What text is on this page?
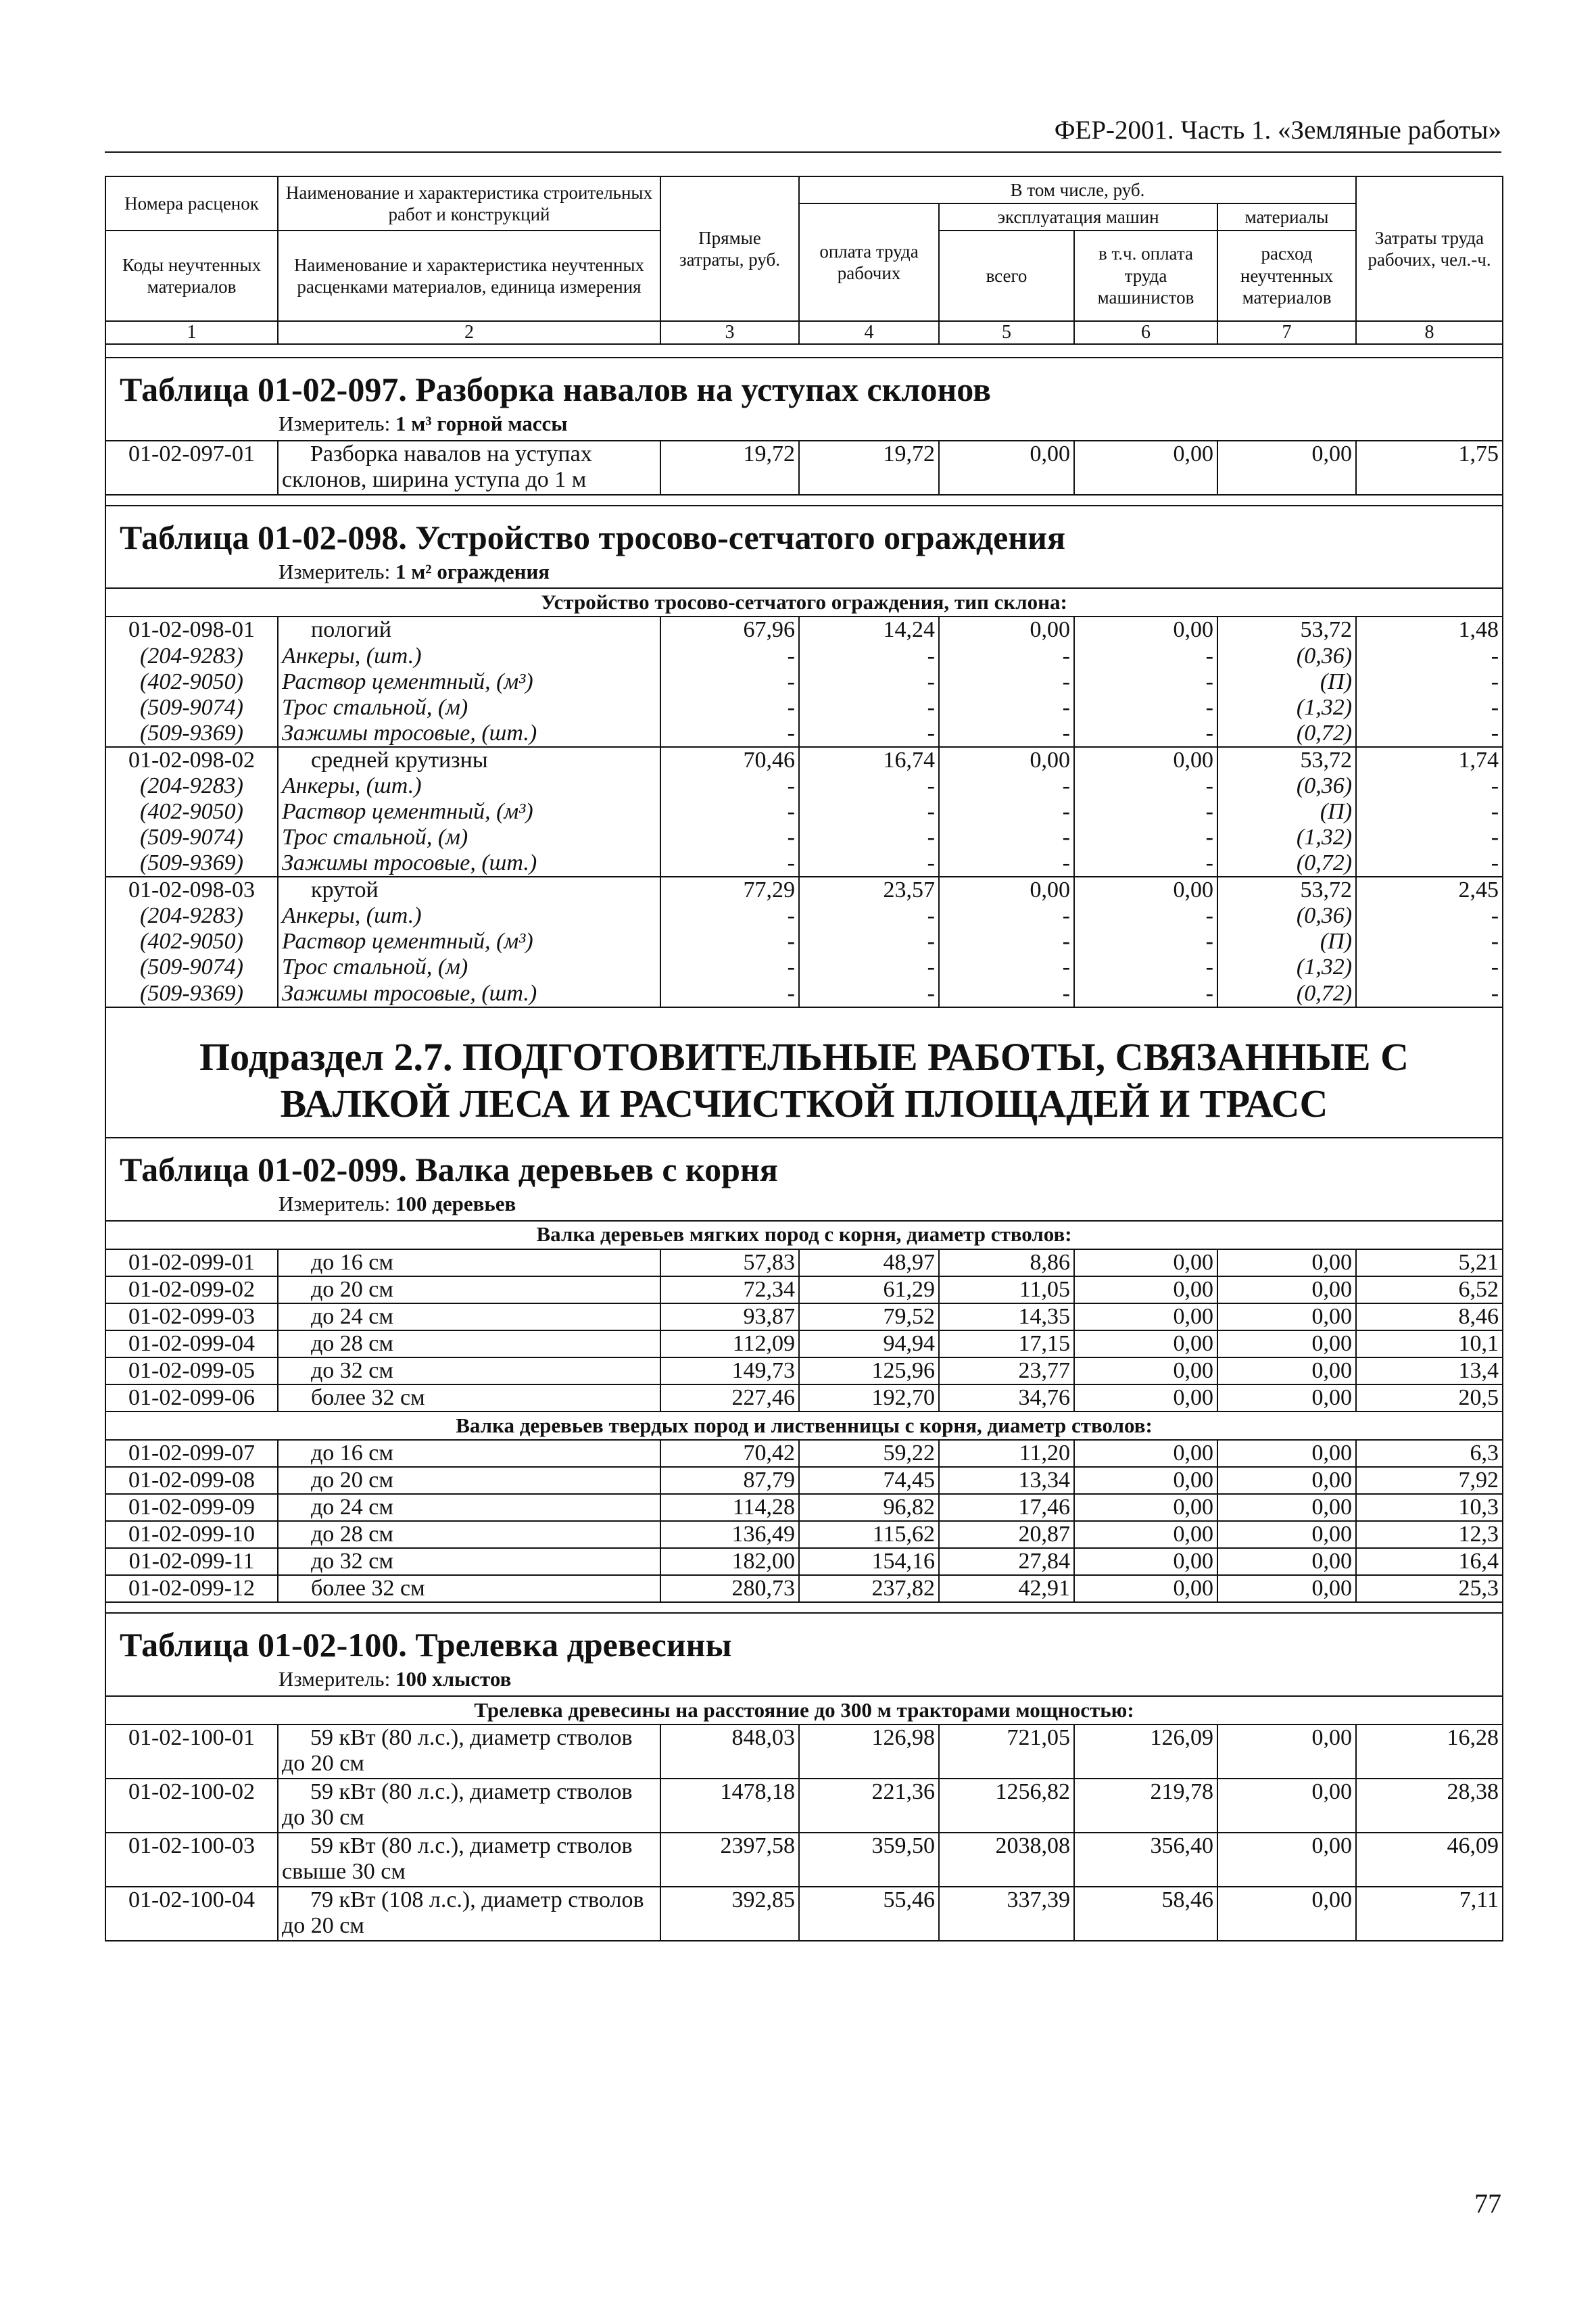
ФЕР-2001. Часть 1. «Земляные работы»
Номера расценок	Наименование и характеристика строительных работ и конструкций	Прямые затраты, руб.	В том числе, руб.				Затраты труда рабочих, чел.-ч.
			оплата труда рабочих	эксплуатация машин		материалы	
Коды неучтенных материалов	Наименование и характеристика неучтенных расценками материалов, единица измерения			всего	в т.ч. оплата труда машинистов	расход неучтенных материалов	
1	2	3	4	5	6	7	8

Таблица 01-02-097. Разборка навалов на уступах склонов							
Измеритель: 1 м³ горной массы							
01-02-097-01	Разборка навалов на уступах склонов, ширина уступа до 1 м	19,72	19,72	0,00	0,00	0,00	1,75

Таблица 01-02-098. Устройство тросово-сетчатого ограждения							
Измеритель: 1 м² ограждения							
Устройство тросово-сетчатого ограждения, тип склона:							
01-02-098-01	пологий	67,96	14,24	0,00	0,00	53,72	1,48
(204-9283)	Анкеры, (шт.)	-	-	-	-	(0,36)	-
(402-9050)	Раствор цементный, (м³)	-	-	-	-	(П)	-
(509-9074)	Трос стальной, (м)	-	-	-	-	(1,32)	-
(509-9369)	Зажимы тросовые, (шт.)	-	-	-	-	(0,72)	-
01-02-098-02	средней крутизны	70,46	16,74	0,00	0,00	53,72	1,74
(204-9283)	Анкеры, (шт.)	-	-	-	-	(0,36)	-
(402-9050)	Раствор цементный, (м³)	-	-	-	-	(П)	-
(509-9074)	Трос стальной, (м)	-	-	-	-	(1,32)	-
(509-9369)	Зажимы тросовые, (шт.)	-	-	-	-	(0,72)	-
01-02-098-03	крутой	77,29	23,57	0,00	0,00	53,72	2,45
(204-9283)	Анкеры, (шт.)	-	-	-	-	(0,36)	-
(402-9050)	Раствор цементный, (м³)	-	-	-	-	(П)	-
(509-9074)	Трос стальной, (м)	-	-	-	-	(1,32)	-
(509-9369)	Зажимы тросовые, (шт.)	-	-	-	-	(0,72)	-
Подраздел 2.7. ПОДГОТОВИТЕЛЬНЫЕ РАБОТЫ, СВЯЗАННЫЕ С ВАЛКОЙ ЛЕСА И РАСЧИСТКОЙ ПЛОЩАДЕЙ И ТРАСС							
Таблица 01-02-099. Валка деревьев с корня							
Измеритель: 100 деревьев							
Валка деревьев мягких пород с корня, диаметр стволов:							
01-02-099-01	до 16 см	57,83	48,97	8,86	0,00	0,00	5,21
01-02-099-02	до 20 см	72,34	61,29	11,05	0,00	0,00	6,52
01-02-099-03	до 24 см	93,87	79,52	14,35	0,00	0,00	8,46
01-02-099-04	до 28 см	112,09	94,94	17,15	0,00	0,00	10,1
01-02-099-05	до 32 см	149,73	125,96	23,77	0,00	0,00	13,4
01-02-099-06	более 32 см	227,46	192,70	34,76	0,00	0,00	20,5
Валка деревьев твердых пород и лиственницы с корня, диаметр стволов:							
01-02-099-07	до 16 см	70,42	59,22	11,20	0,00	0,00	6,3
01-02-099-08	до 20 см	87,79	74,45	13,34	0,00	0,00	7,92
01-02-099-09	до 24 см	114,28	96,82	17,46	0,00	0,00	10,3
01-02-099-10	до 28 см	136,49	115,62	20,87	0,00	0,00	12,3
01-02-099-11	до 32 см	182,00	154,16	27,84	0,00	0,00	16,4
01-02-099-12	более 32 см	280,73	237,82	42,91	0,00	0,00	25,3

Таблица 01-02-100. Трелевка древесины							
Измеритель: 100 хлыстов							
Трелевка древесины на расстояние до 300 м тракторами мощностью:							
01-02-100-01	59 кВт (80 л.с.), диаметр стволов до 20 см	848,03	126,98	721,05	126,09	0,00	16,28
01-02-100-02	59 кВт (80 л.с.), диаметр стволов до 30 см	1478,18	221,36	1256,82	219,78	0,00	28,38
01-02-100-03	59 кВт (80 л.с.), диаметр стволов свыше 30 см	2397,58	359,50	2038,08	356,40	0,00	46,09
01-02-100-04	79 кВт (108 л.с.), диаметр стволов до 20 см	392,85	55,46	337,39	58,46	0,00	7,11
77
